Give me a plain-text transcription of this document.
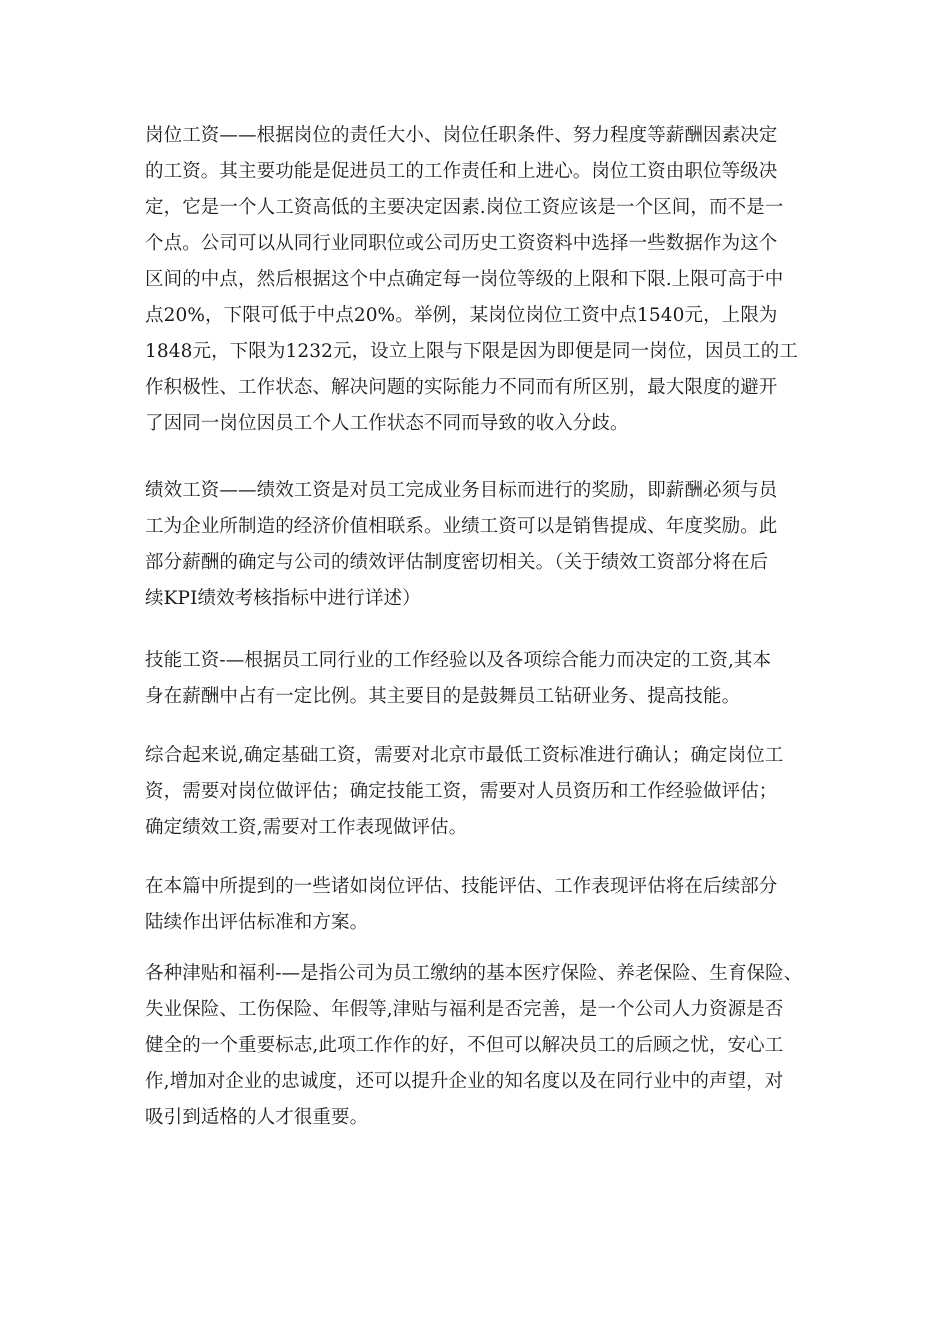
岗位工资——根据岗位的责任大小、岗位任职条件、努力程度等薪酬因素决定
的工资。其主要功能是促进员工的工作责任和上进心。岗位工资由职位等级决
定，它是一个人工资高低的主要决定因素.岗位工资应该是一个区间，而不是一
个点。公司可以从同行业同职位或公司历史工资资料中选择一些数据作为这个
区间的中点，然后根据这个中点确定每一岗位等级的上限和下限.上限可高于中
点20%，下限可低于中点20%。举例，某岗位岗位工资中点1540元，上限为
1848元，下限为1232元，设立上限与下限是因为即便是同一岗位，因员工的工
作积极性、工作状态、解决问题的实际能力不同而有所区别，最大限度的避开
了因同一岗位因员工个人工作状态不同而导致的收入分歧。
绩效工资——绩效工资是对员工完成业务目标而进行的奖励，即薪酬必须与员
工为企业所制造的经济价值相联系。业绩工资可以是销售提成、年度奖励。此
部分薪酬的确定与公司的绩效评估制度密切相关。（关于绩效工资部分将在后
续KPI绩效考核指标中进行详述）
技能工资-—根据员工同行业的工作经验以及各项综合能力而决定的工资,其本
身在薪酬中占有一定比例。其主要目的是鼓舞员工钻研业务、提高技能。
综合起来说,确定基础工资，需要对北京市最低工资标准进行确认；确定岗位工
资，需要对岗位做评估；确定技能工资，需要对人员资历和工作经验做评估；
确定绩效工资,需要对工作表现做评估。
在本篇中所提到的一些诸如岗位评估、技能评估、工作表现评估将在后续部分
陆续作出评估标准和方案。
各种津贴和福利-—是指公司为员工缴纳的基本医疗保险、养老保险、生育保险、
失业保险、工伤保险、年假等,津贴与福利是否完善，是一个公司人力资源是否
健全的一个重要标志,此项工作作的好，不但可以解决员工的后顾之忧，安心工
作,增加对企业的忠诚度，还可以提升企业的知名度以及在同行业中的声望，对
吸引到适格的人才很重要。
